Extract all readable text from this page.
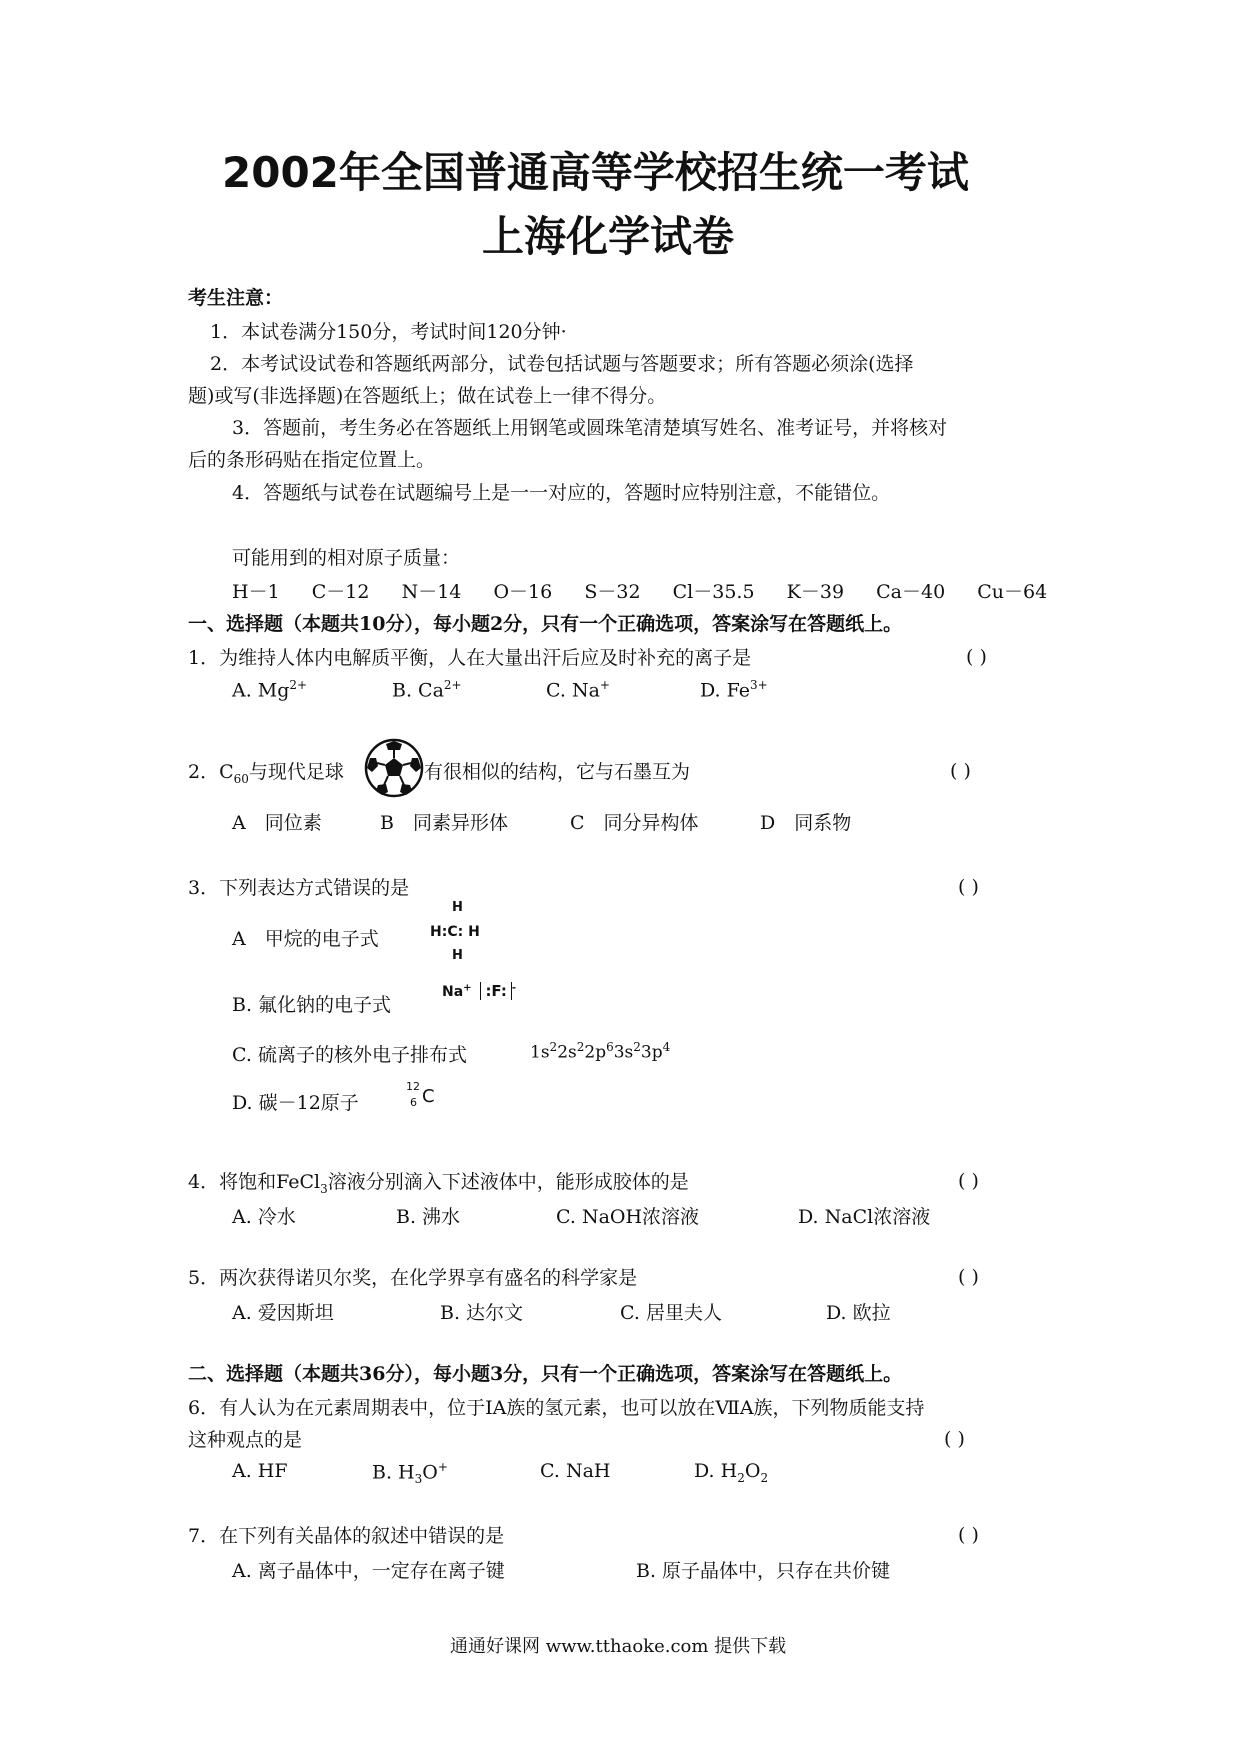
2002年全国普通高等学校招生统一考试
上海化学试卷
考生注意：
1．本试卷满分150分，考试时间120分钟·
2．本考试设试卷和答题纸两部分，试卷包括试题与答题要求；所有答题必须涂(选择
题)或写(非选择题)在答题纸上；做在试卷上一律不得分。
3．答题前，考生务必在答题纸上用钢笔或圆珠笔清楚填写姓名、准考证号，并将核对
后的条形码贴在指定位置上。
4．答题纸与试卷在试题编号上是一一对应的，答题时应特别注意，不能错位。
可能用到的相对原子质量：
H－1 C－12 N－14 O－16 S－32 Cl－35.5 K－39 Ca－40 Cu－64
一、选择题（本题共10分），每小题2分，只有一个正确选项，答案涂写在答题纸上。
1．为维持人体内电解质平衡，人在大量出汗后应及时补充的离子是	( )
A. $Mg^{2+}$	B. $Ca^{2+}$	C. Na+	D. $Fe^{3+}$
2．$C_{60}$与现代足球	有很相似的结构，它与石墨互为	( )
A　同位素	B　同素异形体	C　同分异构体	D　同系物
3．下列表达方式错误的是	( )
A　甲烷的电子式
H
H:C: H
H
B. 氟化钠的电子式
Na+ :F: -
C. 硫离子的核外电子排布式	$1s^22s^22p^63s^23p^4$
D. 碳－12原子
12
6 C
4．将饱和FeCl$_3$溶液分别滴入下述液体中，能形成胶体的是	( )
A. 冷水	B. 沸水	C. NaOH浓溶液	D. NaCl浓溶液
5．两次获得诺贝尔奖，在化学界享有盛名的科学家是	( )
A. 爱因斯坦	B. 达尔文	C. 居里夫人	D. 欧拉
二、选择题（本题共36分），每小题3分，只有一个正确选项，答案涂写在答题纸上。
6．有人认为在元素周期表中，位于ⅠA族的氢元素，也可以放在ⅦA族，下列物质能支持
这种观点的是	( )
A. HF	B. $H_3O^+$	C. NaH	D. $H_2O_2$
7．在下列有关晶体的叙述中错误的是	( )
A. 离子晶体中，一定存在离子键	B. 原子晶体中，只存在共价键
通通好课网 www.tthaoke.com 提供下载
